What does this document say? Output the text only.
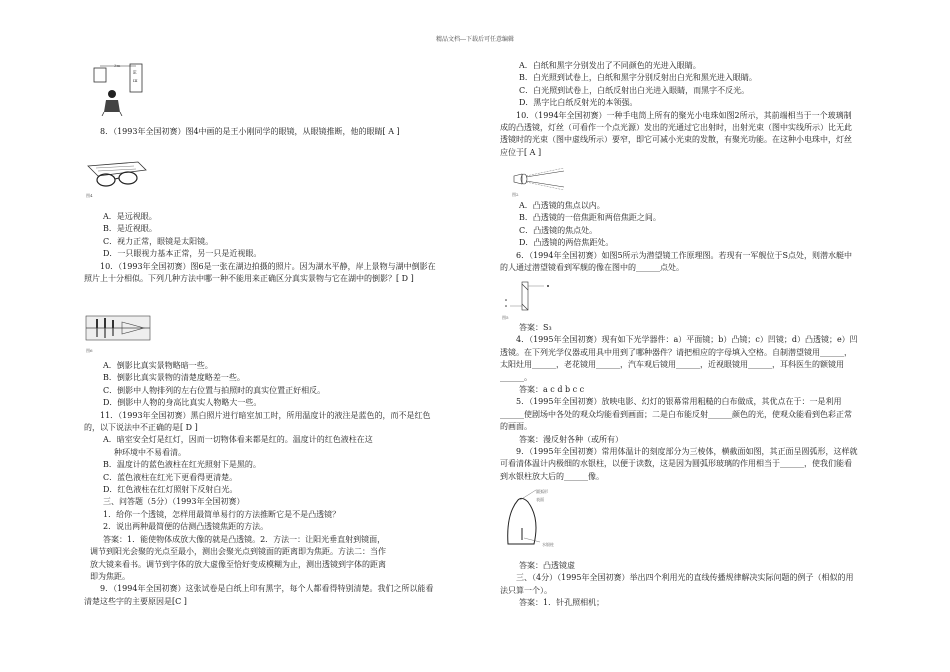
精品文档---下载后可任意编辑
E
Ш
3m

8．（1993年全国初赛）图4中画的是王小刚同学的眼镜，从眼镜推断，他的眼睛[ A ]

图4

A．是远视眼。

B．是近视眼。

C．视力正常，眼镜是太阳镜。

D．一只眼视力基本正常，另一只是近视眼。

10．（1993年全国初赛）图6是一张在湖边拍摄的照片。因为湖水平静，岸上景物与湖中倒影在照片上十分相似。下列几种方法中哪一种不能用来正确区分真实景物与它在湖中的倒影？[ D ]

图6

A．倒影比真实景物略暗一些。

B．倒影比真实景物的清楚度略差一些。

C．倒影中人物排列的左右位置与拍照时的真实位置正好相反。

D．倒影中人物的身高比真实人物略大一些。

11．（1993年全国初赛）黑白照片进行暗室加工时，所用温度计的液注是蓝色的，而不是红色的，以下说法中不正确的是[ D ]

A．暗室安全灯是红灯，因而一切物体看来都是红的。温度计的红色液柱在这

种环境中不易看清。

B．温度计的蓝色液柱在红光照射下是黑的。

C．蓝色液柱在红光下更看得更清楚。

D．红色液柱在红灯照射下反射白光。

三、问答题（5分）（1993年全国初赛）

1．给你一个透镜，怎样用最简单易行的方法推断它是不是凸透镜？

2．说出两种最简便的估测凸透镜焦距的方法。

答案：1．能使物体成放大像的就是凸透镜。2．方法一：让阳光垂直射到镜面，

调节到阳光会聚的光点至最小，测出会聚光点到镜面的距离即为焦距。方法二：当作

放大镜来看书。调节到字体的放大虚像至恰好变成模糊为止，测出透镜到字体的距离

即为焦距。

9．（1994年全国初赛）这张试卷是白纸上印有黑字，每个人都看得特别清楚。我们之所以能看清楚这些字的主要原因是[C ]

A．白纸和黑字分别发出了不同颜色的光进入眼睛。

B．白光照到试卷上，白纸和黑字分别反射出白光和黑光进入眼睛。

C．白光照到试卷上，白纸反射出白光进入眼睛，而黑字不反光。

D．黑字比白纸反射光的本领强。

10．（1994年全国初赛）一种手电筒上所有的聚光小电珠如图2所示，其前端相当于一个玻璃制成的凸透镜，灯丝（可看作一个点光源）发出的光通过它出射时，出射光束（图中实线所示）比无此透镜时的光束（图中虚线所示）要窄，即它可减小光束的发散，有聚光功能。在这种小电珠中，灯丝应位于[ A ]

图2

A．凸透镜的焦点以内。

B．凸透镜的一倍焦距和两倍焦距之间。

C．凸透镜的焦点处。

D．凸透镜的两倍焦距处。

6．（1994年全国初赛）如图5所示为潜望镜工作原理图。若现有一军舰位于S点处，则潜水艇中的人通过潜望镜看到军舰的像在图中的______点处。

图5

答案：S₃

4．（1995年全国初赛）现有如下光学器件：a）平面镜；b）凸镜；c）凹镜；d）凸透镜；e）凹透镜。在下列光学仪器或用具中用到了哪种器件？请把相应的字母填入空格。自制潜望镜用______，太阳灶用______，老花镜用______，汽车观后镜用______，近视眼镜用______，耳科医生的额镜用______。

答案：a c d b c c

5．（1995年全国初赛）放映电影、幻灯的银幕常用粗糙的白布做成，其优点在于：一是利用______使剧场中各处的观众均能看到画面；二是白布能反射______颜色的光，使观众能看到色彩正常的画面。

答案：漫反射各种（或所有）

9．（1995年全国初赛）常用体温计的刻度部分为三棱体，横截面如图，其正面呈圆弧形，这样就可看清体温计内极细的水银柱，以便于读数，这是因为圆弧形玻璃的作用相当于______，使我们能看到水银柱放大后的______像。

圆弧形
表面
水银柱

答案：凸透镜虚

三、（4分）（1995年全国初赛）举出四个利用光的直线传播规律解决实际问题的例子（相似的用法只算一个）。

答案：1．针孔照相机；
